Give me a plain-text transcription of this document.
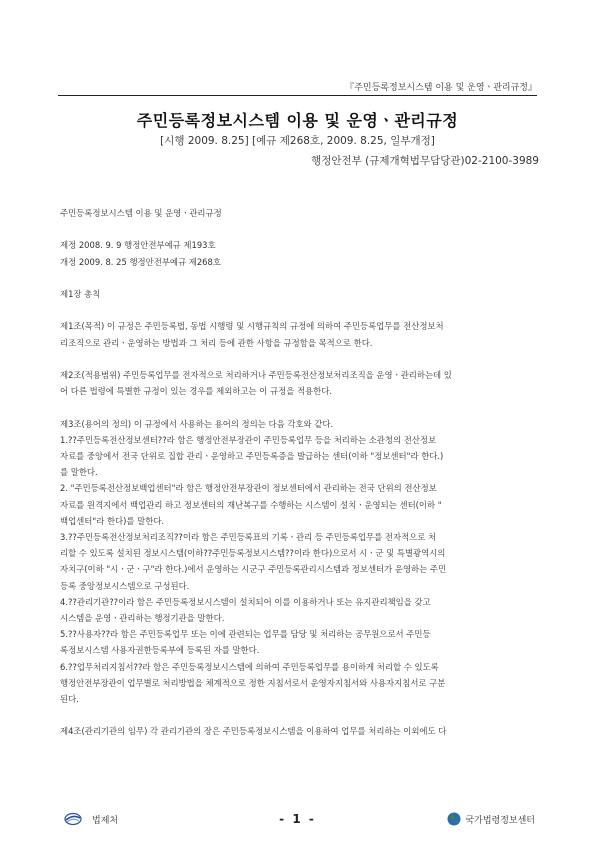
『주민등록정보시스템 이용 및 운영ㆍ관리규정』
주민등록정보시스템 이용 및 운영ㆍ관리규정
[시행 2009. 8.25] [예규 제268호, 2009. 8.25, 일부개정]
행정안전부 (규제개혁법무담당관)02-2100-3989

주민등록정보시스템 이용 및 운영ㆍ관리규정

제정 2008. 9. 9 행정안전부예규 제193호

개정 2009. 8. 25 행정안전부예규 제268호

제1장 총칙

제1조(목적) 이 규정은 주민등록법, 동법 시행령 및 시행규칙의 규정에 의하여 주민등록업무를 전산정보처

리조직으로 관리ㆍ운영하는 방법과 그 처리 등에 관한 사항을 규정함을 목적으로 한다.

제2조(적용범위) 주민등록업무를 전자적으로 처리하거나 주민등록전산정보처리조직을 운영ㆍ관리하는데 있

어 다른 법령에 특별한 규정이 있는 경우를 제외하고는 이 규정을 적용한다.

제3조(용어의 정의) 이 규정에서 사용하는 용어의 정의는 다음 각호와 같다.

1.??주민등록전산정보센터??라 함은 행정안전부장관이 주민등록업무 등을 처리하는 소관청의 전산정보

자료를 중앙에서 전국 단위로 집합 관리ㆍ운영하고 주민등록증을 발급하는 센터(이하 "정보센터"라 한다.)

를 말한다.

2. "주민등록전산정보백업센터"라 함은 행정안전부장관이 정보센터에서 관리하는 전국 단위의 전산정보

자료를 원격지에서 백업관리 하고 정보센터의 재난복구를 수행하는 시스템이 설치ㆍ운영되는 센터(이하 "

백업센터"라 한다)를 말한다.

3.??주민등록전산정보처리조직??이라 함은 주민등록표의 기록ㆍ관리 등 주민등록업무를 전자적으로 처

리할 수 있도록 설치된 정보시스템(이하??주민등록정보시스템??이라 한다)으로서 시ㆍ군 및 특별광역시의

자치구(이하 "시ㆍ군ㆍ구"라 한다.)에서 운영하는 시군구 주민등록관리시스템과 정보센터가 운영하는 주민

등록 중앙정보시스템으로 구성된다.

4.??관리기관??이라 함은 주민등록정보시스템이 설치되어 이를 이용하거나 또는 유지관리책임을 갖고

시스템을 운영ㆍ관리하는 행정기관을 말한다.

5.??사용자??라 함은 주민등록업무 또는 이에 관련되는 업무를 담당 및 처리하는 공무원으로서 주민등

록정보시스템 사용자권한등록부에 등록된 자를 말한다.

6.??업무처리지침서??라 함은 주민등록정보시스템에 의하여 주민등록업무를 용이하게 처리할 수 있도록

행정안전부장관이 업무별로 처리방법을 체계적으로 정한 지침서로서 운영자지침서와 사용자지침서로 구분

된다.

제4조(관리기관의 임무) 각 관리기관의 장은 주민등록정보시스템을 이용하여 업무를 처리하는 이외에도 다

법제처	- 1 -	국가법령정보센터
